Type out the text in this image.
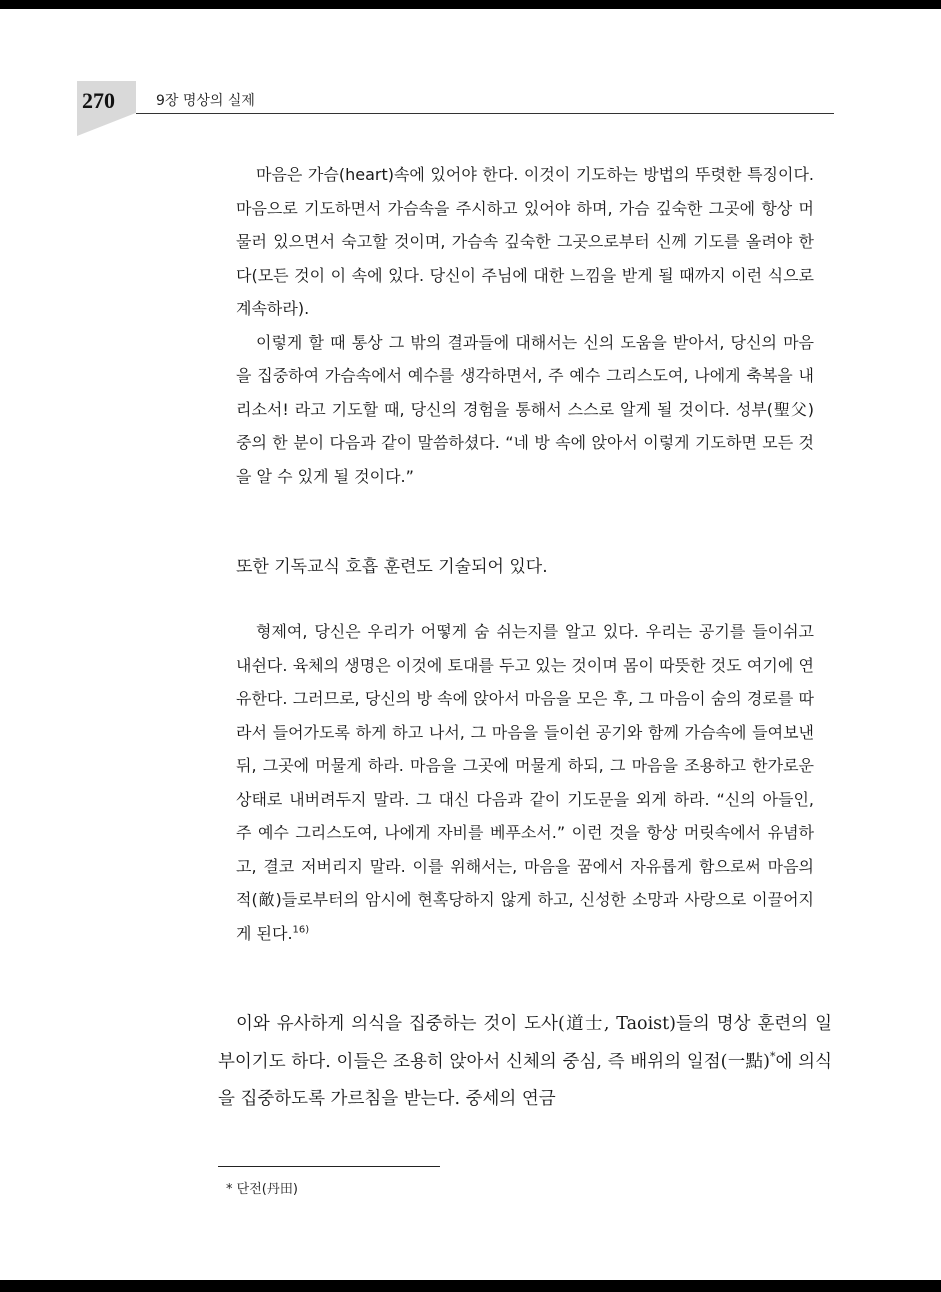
270	9장 명상의 실제

마음은 가슴(heart)속에 있어야 한다. 이것이 기도하는 방법의 뚜렷한 특징이다. 마음으로 기도하면서 가슴속을 주시하고 있어야 하며, 가슴 깊숙한 그곳에 항상 머물러 있으면서 숙고할 것이며, 가슴속 깊숙한 그곳으로부터 신께 기도를 올려야 한다(모든 것이 이 속에 있다. 당신이 주님에 대한 느낌을 받게 될 때까지 이런 식으로 계속하라).

이렇게 할 때 통상 그 밖의 결과들에 대해서는 신의 도움을 받아서, 당신의 마음을 집중하여 가슴속에서 예수를 생각하면서, 주 예수 그리스도여, 나에게 축복을 내리소서! 라고 기도할 때, 당신의 경험을 통해서 스스로 알게 될 것이다. 성부(聖父) 중의 한 분이 다음과 같이 말씀하셨다. “네 방 속에 앉아서 이렇게 기도하면 모든 것을 알 수 있게 될 것이다.”

또한 기독교식 호흡 훈련도 기술되어 있다.

형제여, 당신은 우리가 어떻게 숨 쉬는지를 알고 있다. 우리는 공기를 들이쉬고 내쉰다. 육체의 생명은 이것에 토대를 두고 있는 것이며 몸이 따뜻한 것도 여기에 연유한다. 그러므로, 당신의 방 속에 앉아서 마음을 모은 후, 그 마음이 숨의 경로를 따라서 들어가도록 하게 하고 나서, 그 마음을 들이쉰 공기와 함께 가슴속에 들여보낸 뒤, 그곳에 머물게 하라. 마음을 그곳에 머물게 하되, 그 마음을 조용하고 한가로운 상태로 내버려두지 말라. 그 대신 다음과 같이 기도문을 외게 하라. “신의 아들인, 주 예수 그리스도여, 나에게 자비를 베푸소서.” 이런 것을 항상 머릿속에서 유념하고, 결코 저버리지 말라. 이를 위해서는, 마음을 꿈에서 자유롭게 함으로써 마음의 적(敵)들로부터의 암시에 현혹당하지 않게 하고, 신성한 소망과 사랑으로 이끌어지게 된다.$^{16)}$

이와 유사하게 의식을 집중하는 것이 도사(道士, Taoist)들의 명상 훈련의 일부이기도 하다. 이들은 조용히 앉아서 신체의 중심, 즉 배위의 일점(一點)*에 의식을 집중하도록 가르침을 받는다. 중세의 연금

* 단전(丹田)
